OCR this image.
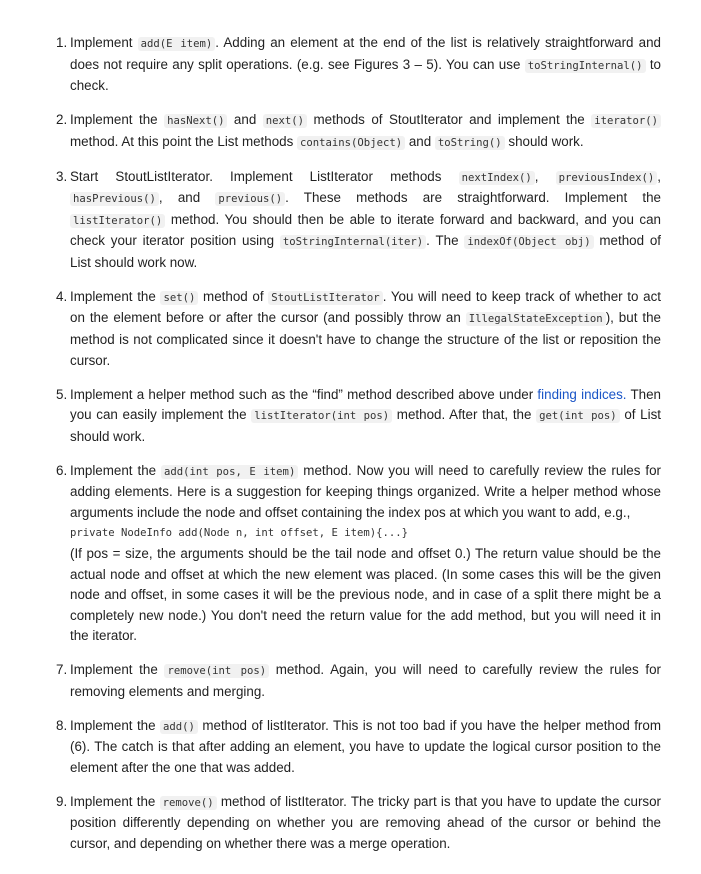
1. Implement add(E item) . Adding an element at the end of the list is relatively straightforward and does not require any split operations. (e.g. see Figures 3 – 5). You can use toStringInternal() to check.
2. Implement the hasNext() and next() methods of StoutIterator and implement the iterator() method. At this point the List methods contains(Object) and toString() should work.
3. Start StoutListIterator. Implement ListIterator methods nextIndex() , previousIndex() , hasPrevious() , and previous() . These methods are straightforward. Implement the listIterator() method. You should then be able to iterate forward and backward, and you can check your iterator position using toStringInternal(iter) . The indexOf(Object obj) method of List should work now.
4. Implement the set() method of StoutListIterator . You will need to keep track of whether to act on the element before or after the cursor (and possibly throw an IllegalStateException ), but the method is not complicated since it doesn't have to change the structure of the list or reposition the cursor.
5. Implement a helper method such as the “find” method described above under finding indices. Then you can easily implement the listIterator(int pos) method. After that, the get(int pos) of List should work.
6. Implement the add(int pos, E item) method. Now you will need to carefully review the rules for adding elements. Here is a suggestion for keeping things organized. Write a helper method whose arguments include the node and offset containing the index pos at which you want to add, e.g.,
private NodeInfo add(Node n, int offset, E item){...}
(If pos = size, the arguments should be the tail node and offset 0.) The return value should be the actual node and offset at which the new element was placed. (In some cases this will be the given node and offset, in some cases it will be the previous node, and in case of a split there might be a completely new node.) You don't need the return value for the add method, but you will need it in the iterator.
7. Implement the remove(int pos) method. Again, you will need to carefully review the rules for removing elements and merging.
8. Implement the add() method of listIterator. This is not too bad if you have the helper method from (6). The catch is that after adding an element, you have to update the logical cursor position to the element after the one that was added.
9. Implement the remove() method of listIterator. The tricky part is that you have to update the cursor position differently depending on whether you are removing ahead of the cursor or behind the cursor, and depending on whether there was a merge operation.
